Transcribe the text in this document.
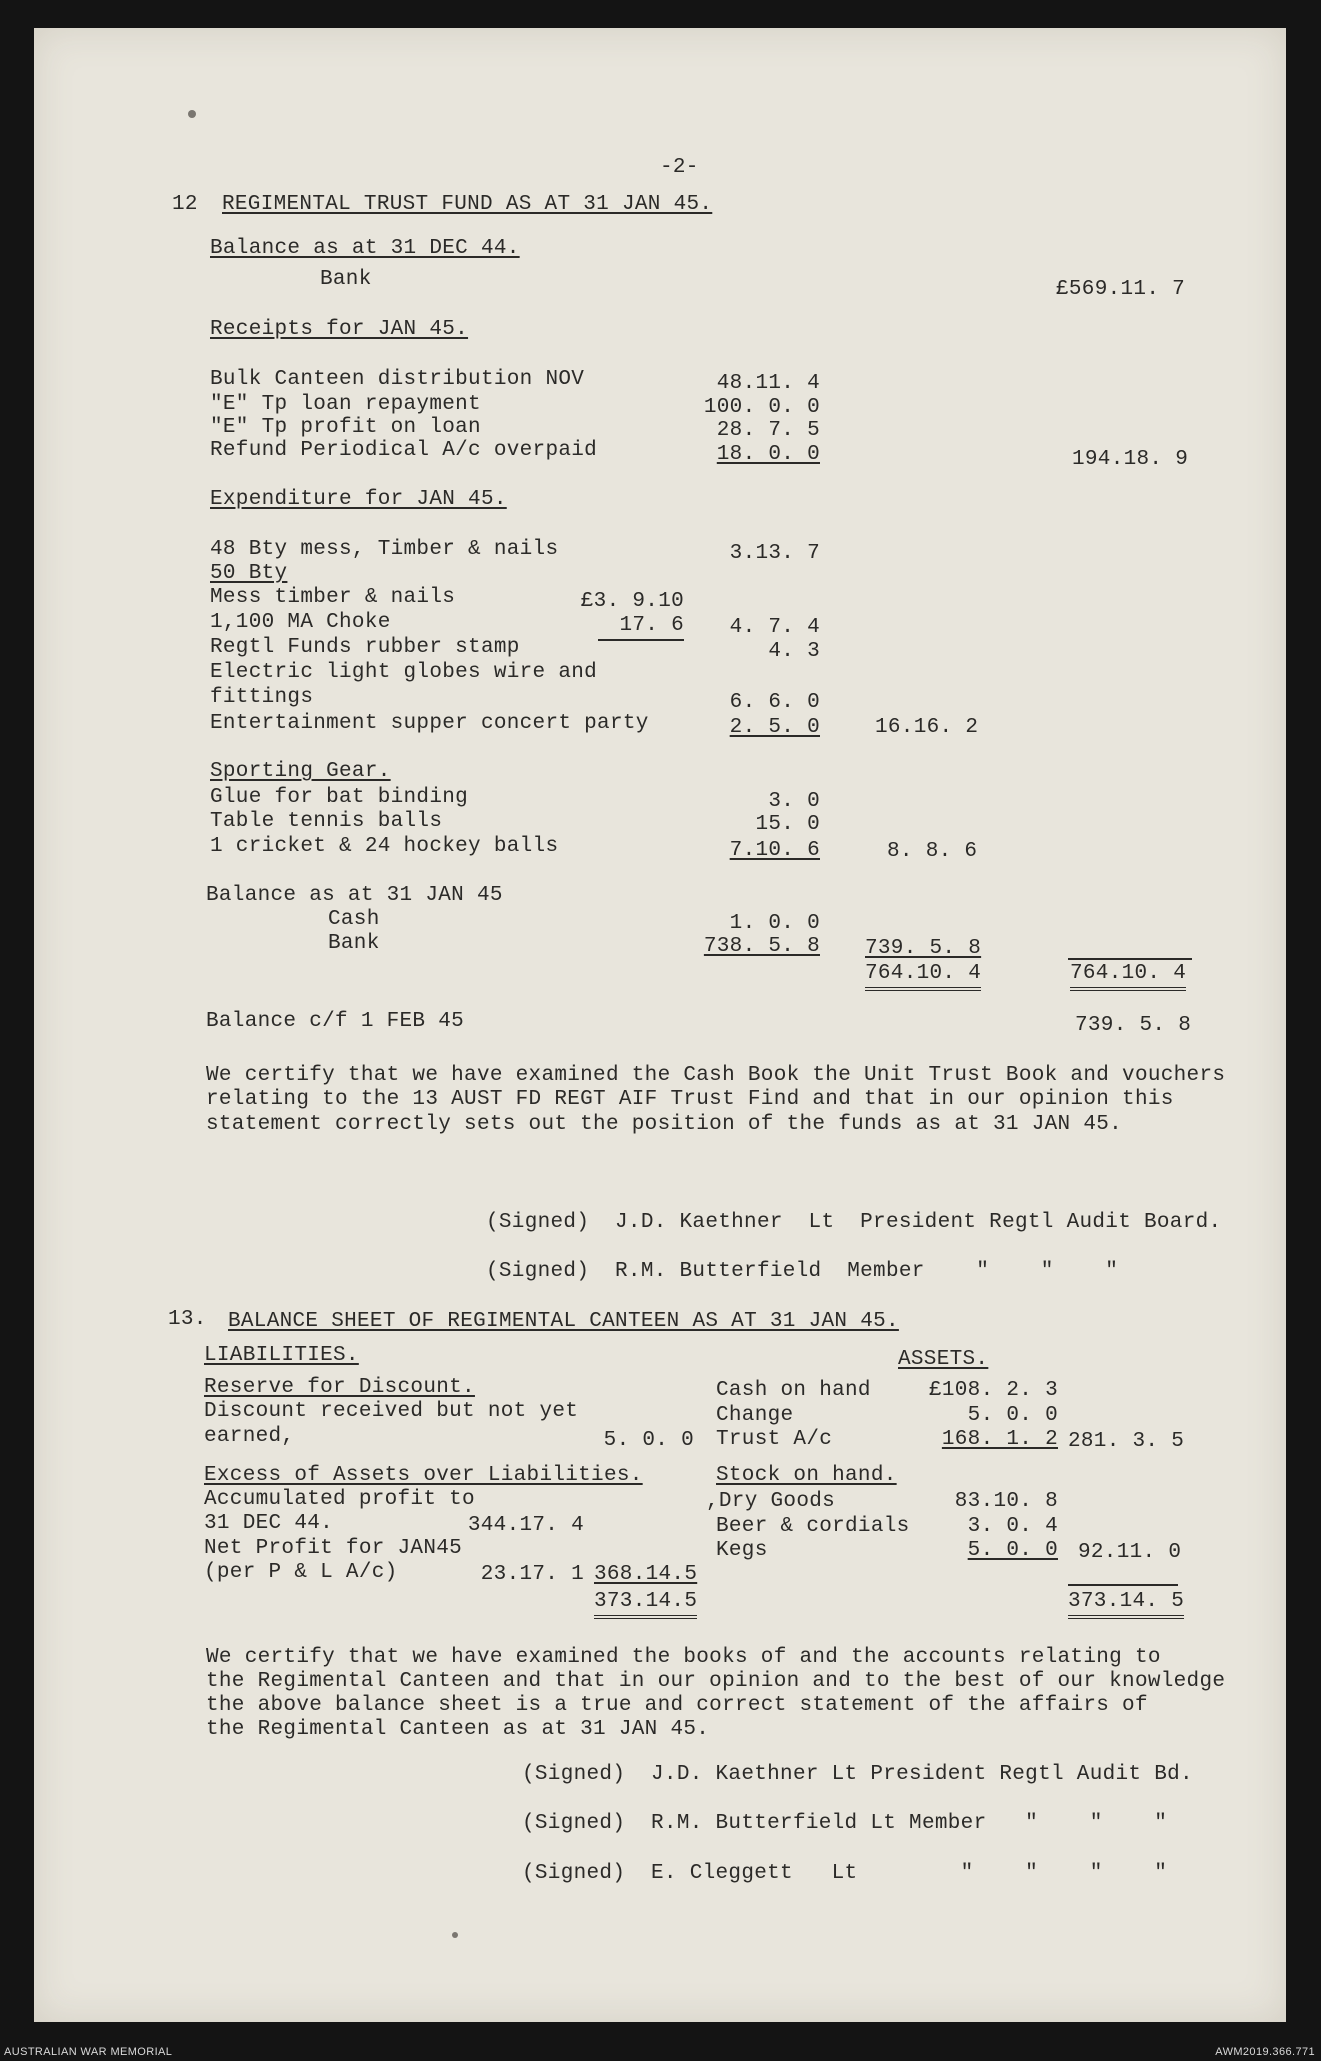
-2-
12 REGIMENTAL TRUST FUND AS AT 31 JAN 45.
Balance as at 31 DEC 44.
Bank	£569.11. 7
Receipts for JAN 45.
Bulk Canteen distribution NOV	48.11. 4
"E" Tp loan repayment	100. 0. 0
"E" Tp profit on loan	28. 7. 5
Refund Periodical A/c overpaid	18. 0. 0	194.18. 9
Expenditure for JAN 45.
48 Bty mess, Timber & nails	3.13. 7
50 Bty
Mess timber & nails	£3. 9.10
1,100 MA Choke	17. 6	4. 7. 4
Regtl Funds rubber stamp	4. 3
Electric light globes wire and
fittings	6. 6. 0
Entertainment supper concert party	2. 5. 0	16.16. 2
Sporting Gear.
Glue for bat binding	3. 0
Table tennis balls	15. 0
1 cricket & 24 hockey balls	7.10. 6	8. 8. 6
Balance as at 31 JAN 45
Cash	1. 0. 0
Bank	738. 5. 8 739. 5. 8
764.10. 4	764.10. 4
Balance c/f 1 FEB 45	739. 5. 8
We certify that we have examined the Cash Book the Unit Trust Book and vouchers
relating to the 13 AUST FD REGT AIF Trust Find and that in our opinion this
statement correctly sets out the position of the funds as at 31 JAN 45.
(Signed)  J.D. Kaethner  Lt  President Regtl Audit Board.
(Signed)  R.M. Butterfield  Member    "    "    "
13. BALANCE SHEET OF REGIMENTAL CANTEEN AS AT 31 JAN 45.
LIABILITIES.	ASSETS.
Reserve for Discount.
Discount received but not yet
earned,	5. 0. 0
Cash on hand	£108. 2. 3
Change	5. 0. 0
Trust A/c	168. 1. 2 281. 3. 5
Excess of Assets over Liabilities.
Accumulated profit to
31 DEC 44.	344.17. 4
Net Profit for JAN45
(per P & L A/c)	23.17. 1 368.14.5
373.14.5
Stock on hand.
,Dry Goods	83.10. 8
Beer & cordials	3. 0. 4
Kegs	5. 0. 0 92.11. 0
373.14. 5
We certify that we have examined the books of and the accounts relating to
the Regimental Canteen and that in our opinion and to the best of our knowledge
the above balance sheet is a true and correct statement of the affairs of
the Regimental Canteen as at 31 JAN 45.
(Signed)  J.D. Kaethner Lt President Regtl Audit Bd.
(Signed)  R.M. Butterfield Lt Member   "    "    "
(Signed)  E. Cleggett   Lt        "    "    "    "
AUSTRALIAN WAR MEMORIAL	AWM2019.366.771
